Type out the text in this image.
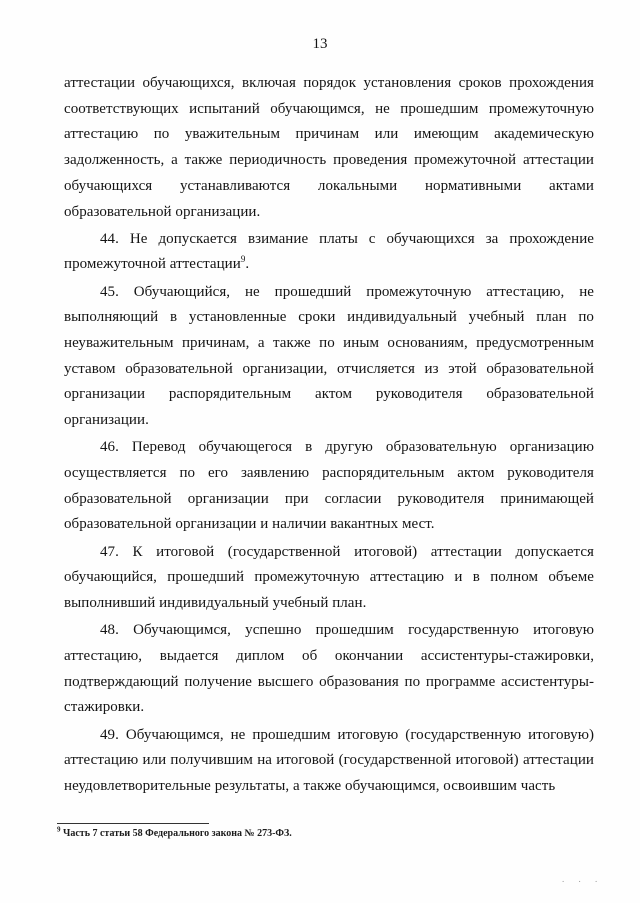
13

аттестации обучающихся, включая порядок установления сроков прохождения соответствующих испытаний обучающимся, не прошедшим промежуточную аттестацию по уважительным причинам или имеющим академическую задолженность, а также периодичность проведения промежуточной аттестации обучающихся устанавливаются локальными нормативными актами образовательной организации.

44. Не допускается взимание платы с обучающихся за прохождение промежуточной аттестации$^9$.

45. Обучающийся, не прошедший промежуточную аттестацию, не выполняющий в установленные сроки индивидуальный учебный план по неуважительным причинам, а также по иным основаниям, предусмотренным уставом образовательной организации, отчисляется из этой образовательной организации распорядительным актом руководителя образовательной организации.

46. Перевод обучающегося в другую образовательную организацию осуществляется по его заявлению распорядительным актом руководителя образовательной организации при согласии руководителя принимающей образовательной организации и наличии вакантных мест.

47. К итоговой (государственной итоговой) аттестации допускается обучающийся, прошедший промежуточную аттестацию и в полном объеме выполнивший индивидуальный учебный план.

48. Обучающимся, успешно прошедшим государственную итоговую аттестацию, выдается диплом об окончании ассистентуры-стажировки, подтверждающий получение высшего образования по программе ассистентуры-стажировки.

49. Обучающимся, не прошедшим итоговую (государственную итоговую) аттестацию или получившим на итоговой (государственной итоговой) аттестации неудовлетворительные результаты, а также обучающимся, освоившим часть

$^9$ Часть 7 статьи 58 Федерального закона № 273-ФЗ.
. . .
